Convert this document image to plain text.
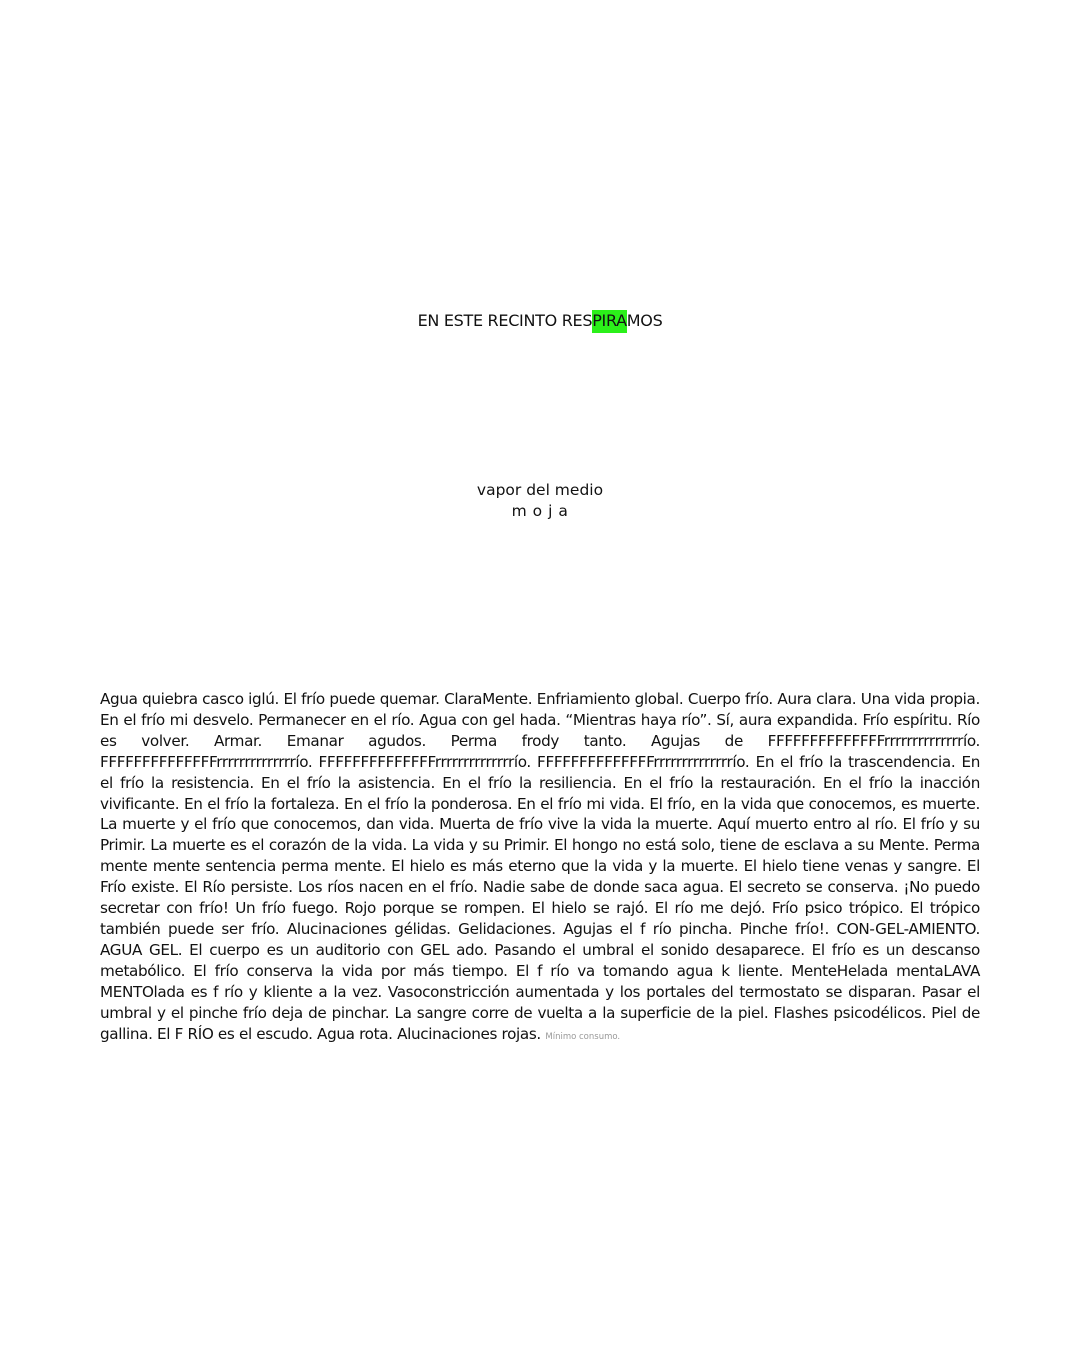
EN ESTE RECINTO RESPIRAMOS
vapor del medio
m o j a
Agua quiebra casco iglú. El frío puede quemar. ClaraMente. Enfriamiento global. Cuerpo frío. Aura clara. Una vida propia. En el frío mi desvelo. Permanecer en el río. Agua con gel hada. “Mientras haya río”. Sí, aura expandida. Frío espíritu. Río es volver. Armar. Emanar agudos. Perma frody tanto. Agujas de FFFFFFFFFFFFFFrrrrrrrrrrrrrrío. FFFFFFFFFFFFFFrrrrrrrrrrrrrrío. FFFFFFFFFFFFFFrrrrrrrrrrrrrrío. FFFFFFFFFFFFFFrrrrrrrrrrrrrrío. En el frío la trascendencia. En el frío la resistencia. En el frío la asistencia. En el frío la resiliencia. En el frío la restauración. En el frío la inacción vivificante. En el frío la fortaleza. En el frío la ponderosa. En el frío mi vida. El frío, en la vida que conocemos, es muerte. La muerte y el frío que conocemos, dan vida. Muerta de frío vive la vida la muerte. Aquí muerto entro al río. El frío y su Primir. La muerte es el corazón de la vida. La vida y su Primir. El hongo no está solo, tiene de esclava a su Mente. Perma mente mente sentencia perma mente. El hielo es más eterno que la vida y la muerte. El hielo tiene venas y sangre. El Frío existe. El Río persiste. Los ríos nacen en el frío. Nadie sabe de donde saca agua. El secreto se conserva. ¡No puedo secretar con frío! Un frío fuego. Rojo porque se rompen. El hielo se rajó. El río me dejó. Frío psico trópico. El trópico también puede ser frío. Alucinaciones gélidas. Gelidaciones. Agujas el f río pincha. Pinche frío!. CON-GEL-AMIENTO. AGUA GEL. El cuerpo es un auditorio con GEL ado. Pasando el umbral el sonido desaparece. El frío es un descanso metabólico. El frío conserva la vida por más tiempo. El f río va tomando agua k liente. MenteHelada mentaLAVA MENTOlada es f río y kliente a la vez. Vasoconstricción aumentada y los portales del termostato se disparan. Pasar el umbral y el pinche frío deja de pinchar. La sangre corre de vuelta a la superficie de la piel. Flashes psicodélicos. Piel de gallina. El F RÍO es el escudo. Agua rota. Alucinaciones rojas. Mínimo consumo.
